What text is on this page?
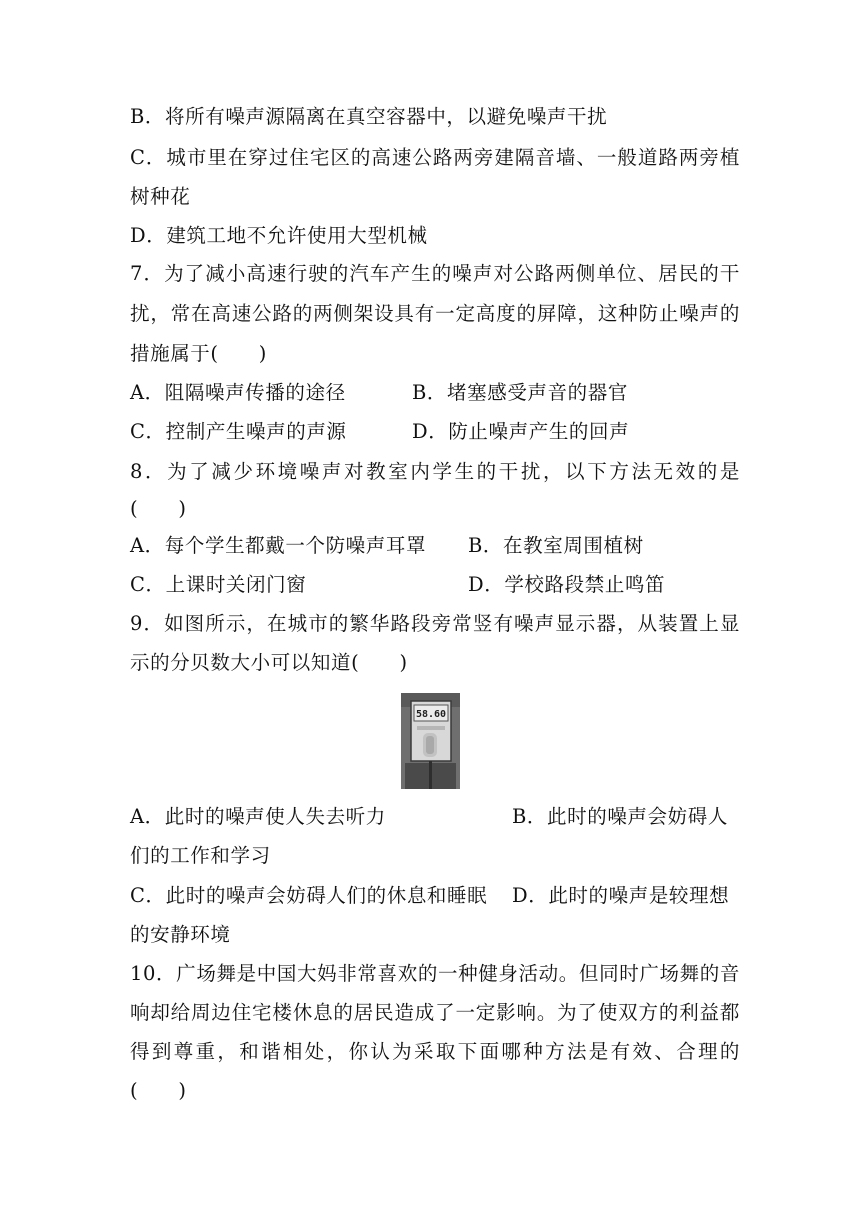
B．将所有噪声源隔离在真空容器中，以避免噪声干扰
C．城市里在穿过住宅区的高速公路两旁建隔音墙、一般道路两旁植
树种花
D．建筑工地不允许使用大型机械
7．为了减小高速行驶的汽车产生的噪声对公路两侧单位、居民的干
扰，常在高速公路的两侧架设具有一定高度的屏障，这种防止噪声的
措施属于(　　)
A．阻隔噪声传播的途径	B．堵塞感受声音的器官
C．控制产生噪声的声源	D．防止噪声产生的回声
8．为了减少环境噪声对教室内学生的干扰，以下方法无效的是
(　　)
A．每个学生都戴一个防噪声耳罩 B．在教室周围植树
C．上课时关闭门窗	D．学校路段禁止鸣笛
9．如图所示，在城市的繁华路段旁常竖有噪声显示器，从装置上显
示的分贝数大小可以知道(　　)
58.60
A．此时的噪声使人失去听力	B．此时的噪声会妨碍人
们的工作和学习
C．此时的噪声会妨碍人们的休息和睡眠 D．此时的噪声是较理想
的安静环境
10．广场舞是中国大妈非常喜欢的一种健身活动。但同时广场舞的音
响却给周边住宅楼休息的居民造成了一定影响。为了使双方的利益都
得到尊重，和谐相处，你认为采取下面哪种方法是有效、合理的
(　　)
